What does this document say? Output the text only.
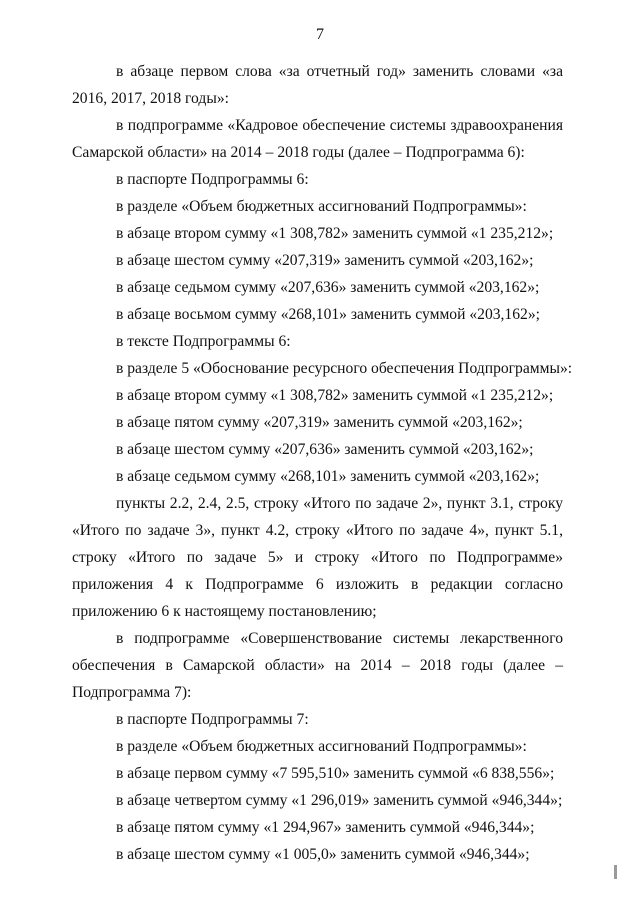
7

в абзаце первом слова «за отчетный год» заменить словами «за 2016, 2017, 2018 годы»:

в подпрограмме «Кадровое обеспечение системы здравоохранения Самарской области» на 2014 – 2018 годы (далее – Подпрограмма 6):

в паспорте Подпрограммы 6:

в разделе «Объем бюджетных ассигнований Подпрограммы»:

в абзаце втором сумму «1 308,782» заменить суммой «1 235,212»;

в абзаце шестом сумму «207,319» заменить суммой «203,162»;

в абзаце седьмом сумму «207,636» заменить суммой «203,162»;

в абзаце восьмом сумму «268,101» заменить суммой «203,162»;

в тексте Подпрограммы 6:

в разделе 5 «Обоснование ресурсного обеспечения Подпрограммы»:

в абзаце втором сумму «1 308,782» заменить суммой «1 235,212»;

в абзаце пятом сумму «207,319» заменить суммой «203,162»;

в абзаце шестом сумму «207,636» заменить суммой «203,162»;

в абзаце седьмом сумму «268,101» заменить суммой «203,162»;

пункты 2.2, 2.4, 2.5, строку «Итого по задаче 2», пункт 3.1, строку «Итого по задаче 3», пункт 4.2, строку «Итого по задаче 4», пункт 5.1, строку «Итого по задаче 5» и строку «Итого по Подпрограмме» приложения 4 к Подпрограмме 6 изложить в редакции согласно приложению 6 к настоящему постановлению;

в подпрограмме «Совершенствование системы лекарственного обеспечения в Самарской области» на 2014 – 2018 годы (далее – Подпрограмма 7):

в паспорте Подпрограммы 7:

в разделе «Объем бюджетных ассигнований Подпрограммы»:

в абзаце первом сумму «7 595,510» заменить суммой «6 838,556»;

в абзаце четвертом сумму «1 296,019» заменить суммой «946,344»;

в абзаце пятом сумму «1 294,967» заменить суммой «946,344»;

в абзаце шестом сумму «1 005,0» заменить суммой «946,344»;
